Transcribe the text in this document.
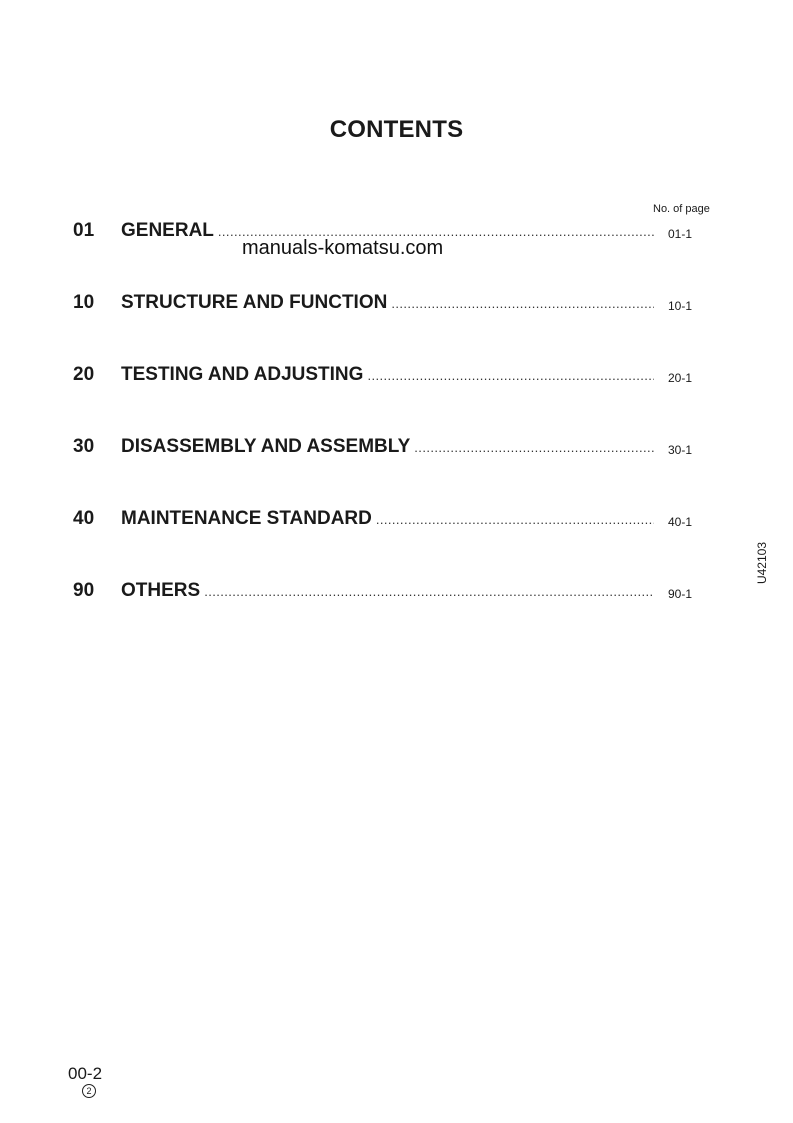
CONTENTS
No. of page
01 GENERAL .....	01-1
10 STRUCTURE AND FUNCTION .....	10-1
20 TESTING AND ADJUSTING .....	20-1
30 DISASSEMBLY AND ASSEMBLY .....	30-1
40 MAINTENANCE STANDARD .....	40-1
90 OTHERS .....	90-1
manuals-komatsu.com
U42103
00-2
2
